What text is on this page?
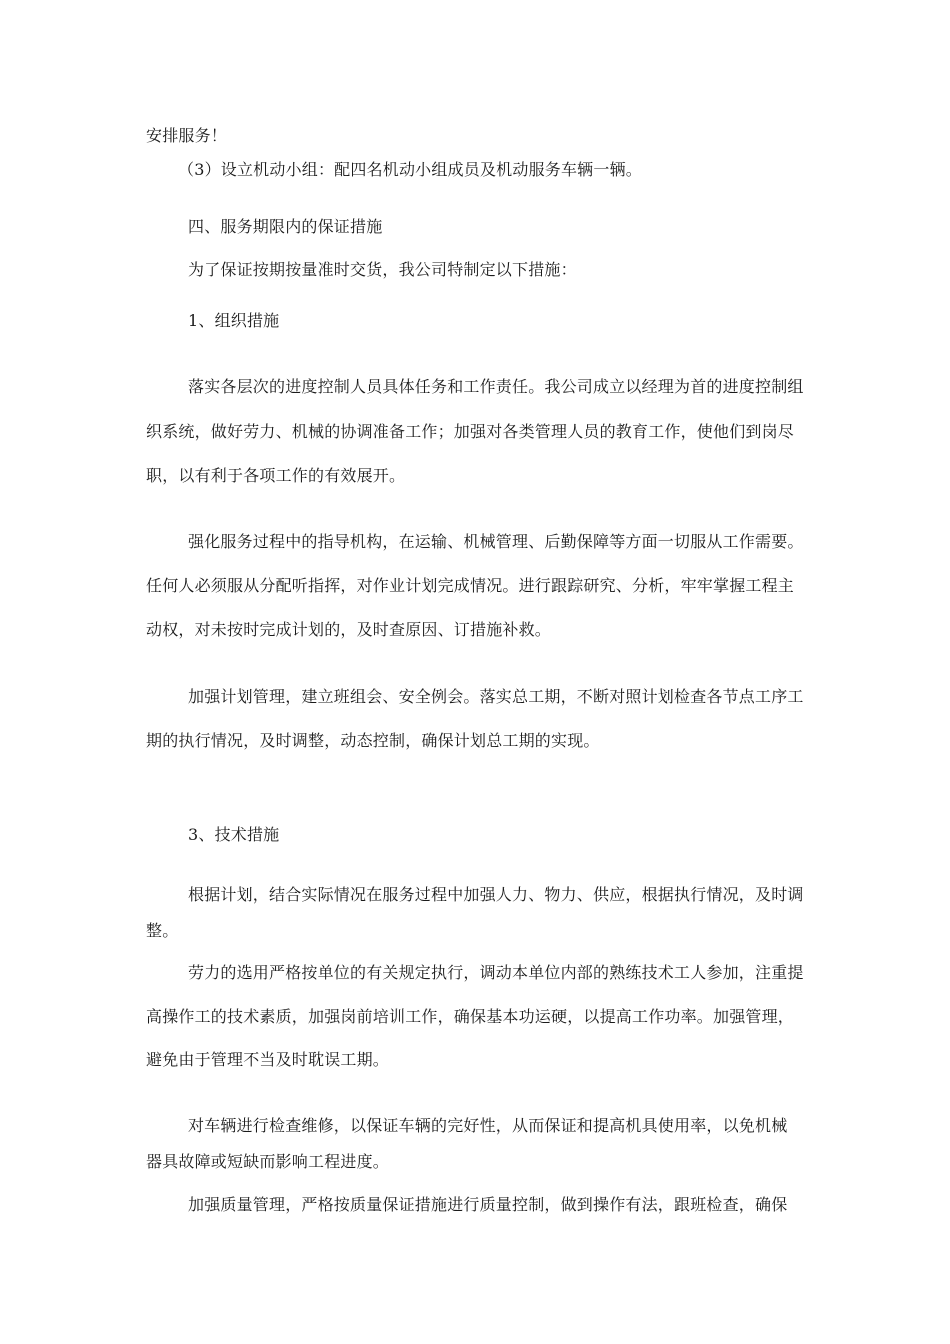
安排服务！
（3）设立机动小组：配四名机动小组成员及机动服务车辆一辆。
四、服务期限内的保证措施
为了保证按期按量准时交货，我公司特制定以下措施：
1、组织措施
落实各层次的进度控制人员具体任务和工作责任。我公司成立以经理为首的进度控制组
织系统，做好劳力、机械的协调准备工作；加强对各类管理人员的教育工作，使他们到岗尽
职，以有利于各项工作的有效展开。
强化服务过程中的指导机构，在运输、机械管理、后勤保障等方面一切服从工作需要。
任何人必须服从分配听指挥，对作业计划完成情况。进行跟踪研究、分析，牢牢掌握工程主
动权，对未按时完成计划的，及时查原因、订措施补救。
加强计划管理，建立班组会、安全例会。落实总工期，不断对照计划检查各节点工序工
期的执行情况，及时调整，动态控制，确保计划总工期的实现。
3、技术措施
根据计划，结合实际情况在服务过程中加强人力、物力、供应，根据执行情况，及时调
整。
劳力的选用严格按单位的有关规定执行，调动本单位内部的熟练技术工人参加，注重提
高操作工的技术素质，加强岗前培训工作，确保基本功运硬，以提高工作功率。加强管理，
避免由于管理不当及时耽误工期。
对车辆进行检查维修，以保证车辆的完好性，从而保证和提高机具使用率，以免机械
器具故障或短缺而影响工程进度。
加强质量管理，严格按质量保证措施进行质量控制，做到操作有法，跟班检查，确保
